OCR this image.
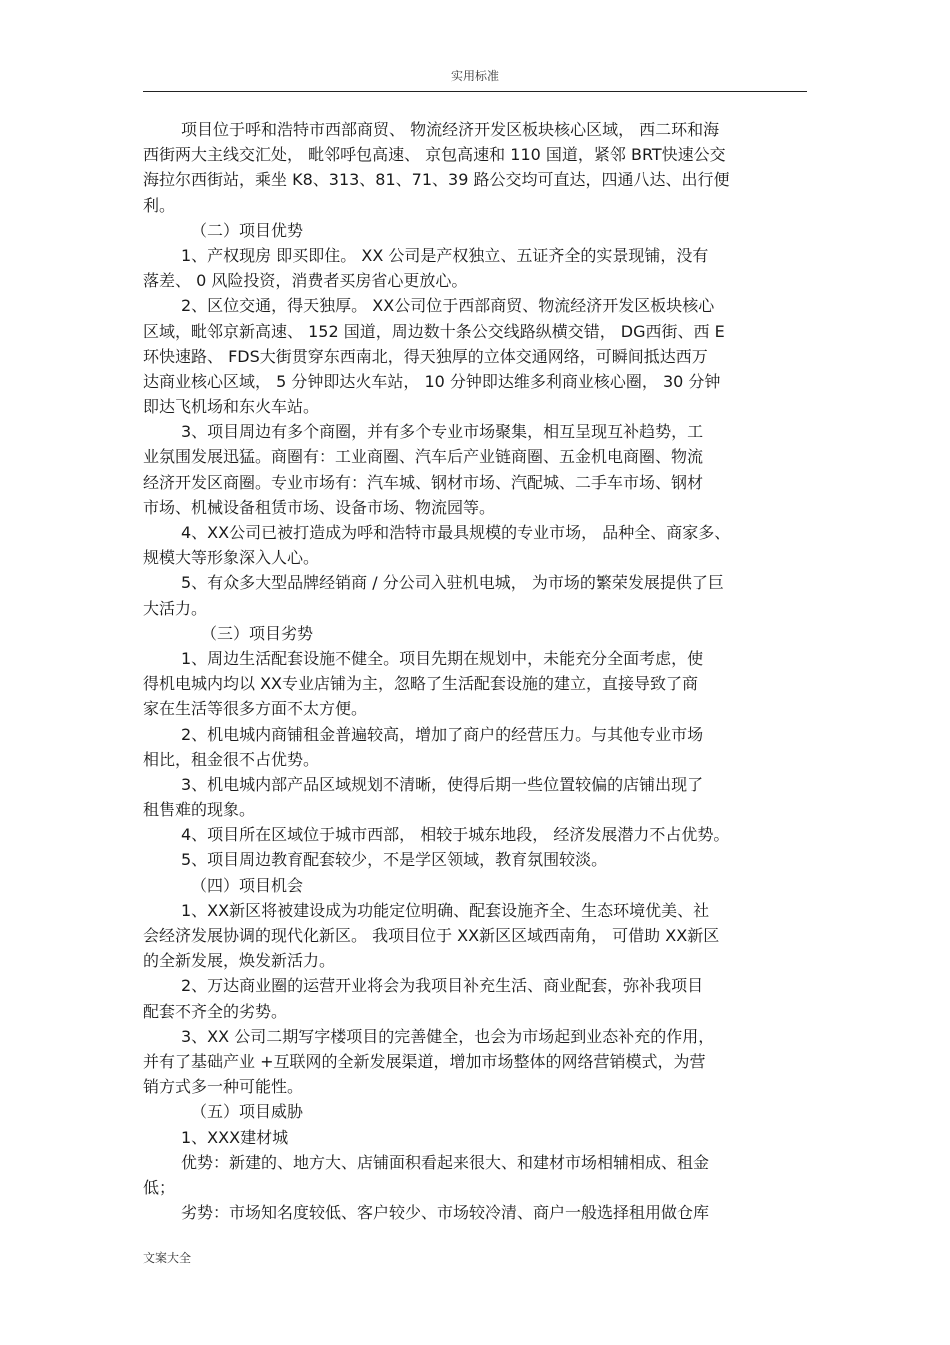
实用标准
项目位于呼和浩特市西部商贸、 物流经济开发区板块核心区域， 西二环和海
西街两大主线交汇处， 毗邻呼包高速、 京包高速和 110 国道，紧邻 BRT快速公交
海拉尔西街站，乘坐 K8、313、81、71、39 路公交均可直达，四通八达、出行便
利。
（二）项目优势
1、产权现房 即买即住。 XX 公司是产权独立、五证齐全的实景现铺，没有
落差、 0 风险投资，消费者买房省心更放心。
2、区位交通，得天独厚。 XX公司位于西部商贸、物流经济开发区板块核心
区域，毗邻京新高速、 152 国道，周边数十条公交线路纵横交错， DG西街、西 E
环快速路、 FDS大街贯穿东西南北，得天独厚的立体交通网络，可瞬间抵达西万
达商业核心区域， 5 分钟即达火车站， 10 分钟即达维多利商业核心圈， 30 分钟
即达飞机场和东火车站。
3、项目周边有多个商圈，并有多个专业市场聚集，相互呈现互补趋势，工
业氛围发展迅猛。商圈有：工业商圈、汽车后产业链商圈、五金机电商圈、物流
经济开发区商圈。专业市场有：汽车城、钢材市场、汽配城、二手车市场、钢材
市场、机械设备租赁市场、设备市场、物流园等。
4、XX公司已被打造成为呼和浩特市最具规模的专业市场， 品种全、商家多、
规模大等形象深入人心。
5、有众多大型品牌经销商 / 分公司入驻机电城， 为市场的繁荣发展提供了巨
大活力。
（三）项目劣势
1、周边生活配套设施不健全。项目先期在规划中，未能充分全面考虑，使
得机电城内均以 XX专业店铺为主，忽略了生活配套设施的建立，直接导致了商
家在生活等很多方面不太方便。
2、机电城内商铺租金普遍较高，增加了商户的经营压力。与其他专业市场
相比，租金很不占优势。
3、机电城内部产品区域规划不清晰，使得后期一些位置较偏的店铺出现了
租售难的现象。
4、项目所在区域位于城市西部， 相较于城东地段， 经济发展潜力不占优势。
5、项目周边教育配套较少，不是学区领域，教育氛围较淡。
（四）项目机会
1、XX新区将被建设成为功能定位明确、配套设施齐全、生态环境优美、社
会经济发展协调的现代化新区。 我项目位于 XX新区区域西南角， 可借助 XX新区
的全新发展，焕发新活力。
2、万达商业圈的运营开业将会为我项目补充生活、商业配套，弥补我项目
配套不齐全的劣势。
3、XX 公司二期写字楼项目的完善健全，也会为市场起到业态补充的作用，
并有了基础产业 +互联网的全新发展渠道，增加市场整体的网络营销模式，为营
销方式多一种可能性。
（五）项目威胁
1、XXX建材城
优势：新建的、地方大、店铺面积看起来很大、和建材市场相辅相成、租金
低；
劣势：市场知名度较低、客户较少、市场较冷清、商户一般选择租用做仓库
文案大全
